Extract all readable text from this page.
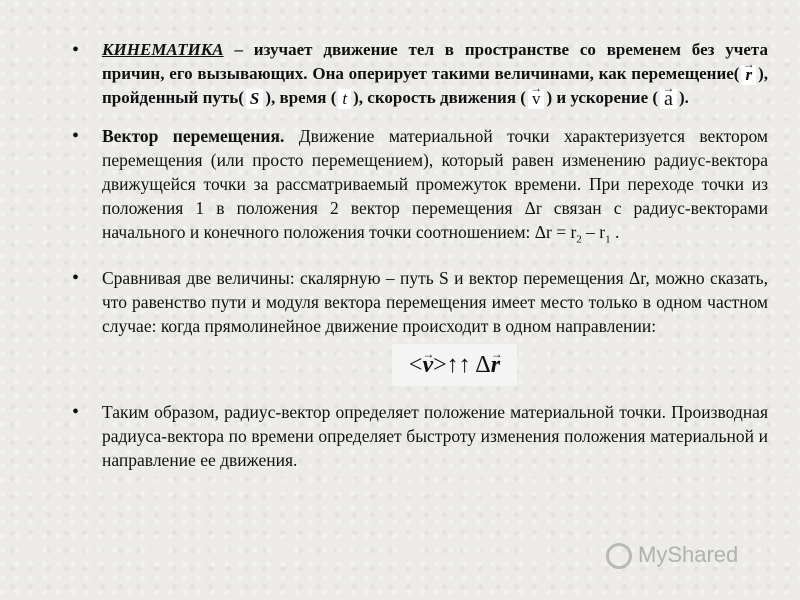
• КИНЕМАТИКА – изучает движение тел в пространстве со временем без учета причин, его вызывающих. Она оперирует такими величинами, как перемещение( → r ), пройденный путь( S ), время ( t ), скорость движения ( → v ) и ускорение ( → a ).
• Вектор перемещения. Движение материальной точки характеризуется вектором перемещения (или просто перемещением), который равен изменению радиус-вектора движущейся точки за рассматриваемый промежуток времени. При переходе точки из положения 1 в положения 2 вектор перемещения Δr связан с радиус-векторами начального и конечного положения точки соотношением: $\Delta r = r_2 - r_1$ .
• Сравнивая две величины: скалярную – путь S и вектор перемещения Δr, можно сказать, что равенство пути и модуля вектора перемещения имеет место только в одном частном случае: когда прямолинейное движение происходит в одном направлении:
<→ v>↑↑ Δ→ r
• Таким образом, радиус-вектор определяет положение материальной точки. Производная радиуса-вектора по времени определяет быстроту изменения положения материальной и направление ее движения.
MyShared
